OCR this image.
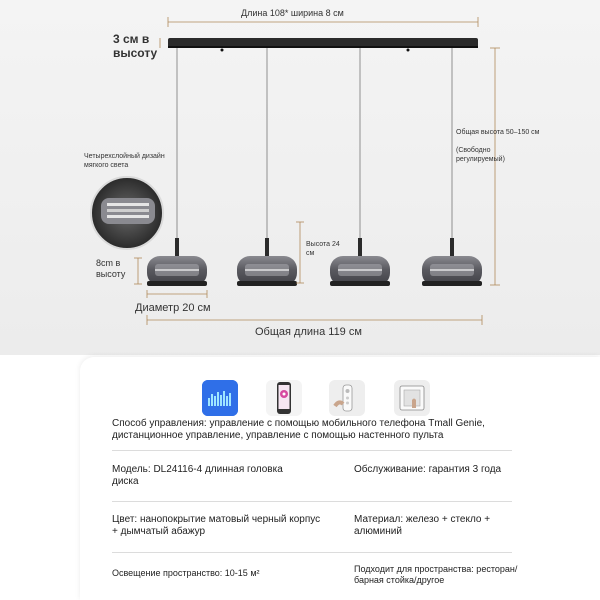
Длина 108* ширина 8 см
3 см в высоту
Общая высота 50–150 см
(Свободно регулируемый)
Четырехслойный дизайн мягкого света
Высота 24 см
8cm в высоту
Диаметр 20 см
Общая длина 119 см
Способ управления: управление с помощью мобильного телефона Tmall Genie, дистанционное управление, управление с помощью настенного пульта
Модель: DL24116-4 длинная головка диска
Обслуживание: гарантия 3 года
Цвет: нанопокрытие матовый черный корпус + дымчатый абажур
Материал: железо + стекло + алюминий
Освещение пространство: 10-15 м²	Подходит для пространства: ресторан/барная стойка/другое
